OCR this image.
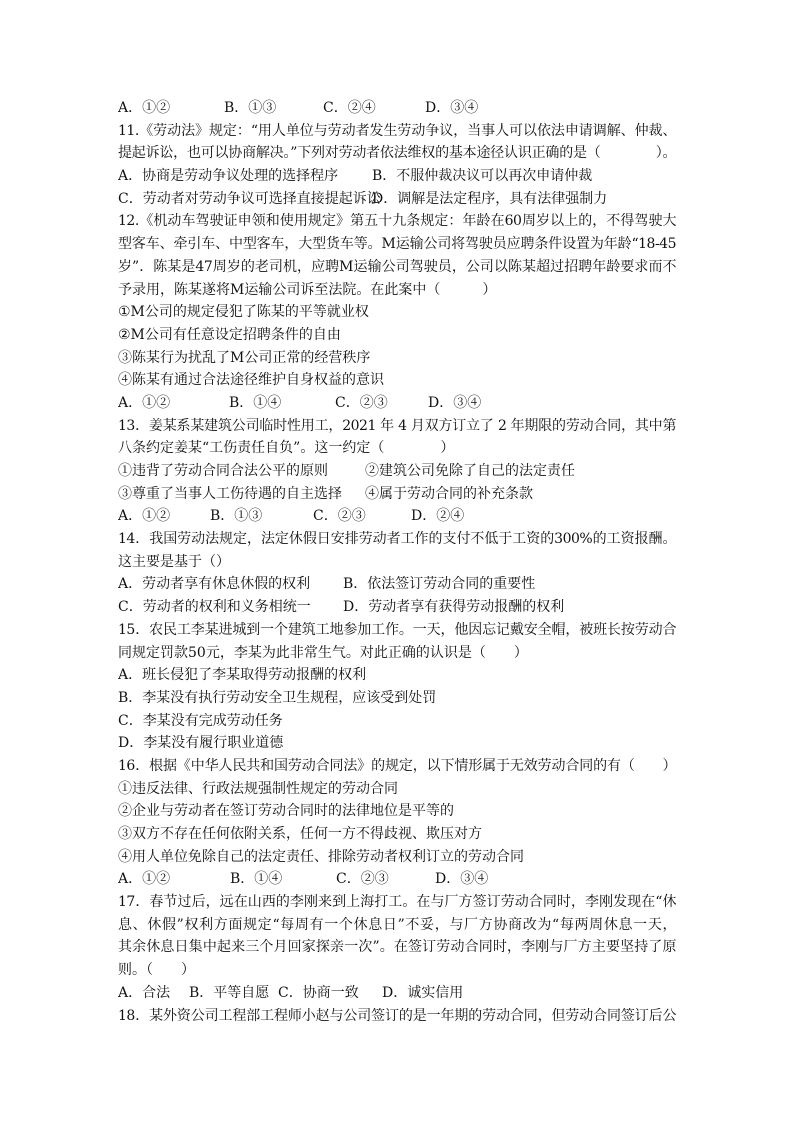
A．①②	B．①③	C．②④	D．③④
11.《劳动法》规定：“用人单位与劳动者发生劳动争议，当事人可以依法申请调解、仲裁、
提起诉讼，也可以协商解决。”下列对劳动者依法维权的基本途径认识正确的是（　　　　）。
A．协商是劳动争议处理的选择程序 B．不服仲裁决议可以再次申请仲裁
C．劳动者对劳动争议可选择直接提起诉讼
D．调解是法定程序，具有法律强制力
12.《机动车驾驶证申领和使用规定》第五十九条规定：年龄在60周岁以上的，不得驾驶大
型客车、牵引车、中型客车，大型货车等。M运输公司将驾驶员应聘条件设置为年龄“18-45
岁”．陈某是47周岁的老司机，应聘M运输公司驾驶员，公司以陈某超过招聘年龄要求而不
予录用，陈某遂将M运输公司诉至法院。在此案中（　　　）
①M公司的规定侵犯了陈某的平等就业权
②M公司有任意设定招聘条件的自由
③陈某行为扰乱了M公司正常的经营秩序
④陈某有通过合法途径维护自身权益的意识
A．①②	B．①④	C．②③	D．③④
13．姜某系某建筑公司临时性用工，2021 年 4 月双方订立了 2 年期限的劳动合同，其中第
八条约定姜某“工伤责任自负”。这一约定（　　　　）
①违背了劳动合同合法公平的原则	②建筑公司免除了自己的法定责任
③尊重了当事人工伤待遇的自主选择 ④属于劳动合同的补充条款
A．①②	B．①③	C．②③	D．②④
14．我国劳动法规定，法定休假日安排劳动者工作的支付不低于工资的300%的工资报酬。
这主要是基于（）
A．劳动者享有休息休假的权利 B．依法签订劳动合同的重要性
C．劳动者的权利和义务相统一 D．劳动者享有获得劳动报酬的权利
15．农民工李某进城到一个建筑工地参加工作。一天，他因忘记戴安全帽，被班长按劳动合
同规定罚款50元，李某为此非常生气。对此正确的认识是（　　）
A．班长侵犯了李某取得劳动报酬的权利
B．李某没有执行劳动安全卫生规程，应该受到处罚
C．李某没有完成劳动任务
D．李某没有履行职业道德
16．根据《中华人民共和国劳动合同法》的规定，以下情形属于无效劳动合同的有（　　）
①违反法律、行政法规强制性规定的劳动合同
②企业与劳动者在签订劳动合同时的法律地位是平等的
③双方不存在任何依附关系，任何一方不得歧视、欺压对方
④用人单位免除自己的法定责任、排除劳动者权利订立的劳动合同
A．①②	B．①④	C．②③	D．③④
17．春节过后，远在山西的李刚来到上海打工。在与厂方签订劳动合同时，李刚发现在“休
息、休假”权利方面规定“每周有一个休息日”不妥，与厂方协商改为“每两周休息一天，
其余休息日集中起来三个月回家探亲一次”。在签订劳动合同时，李刚与厂方主要坚持了原
则。（　　）
A．合法 B．平等自愿 C．协商一致 D．诚实信用
18．某外资公司工程部工程师小赵与公司签订的是一年期的劳动合同，但劳动合同签订后公
